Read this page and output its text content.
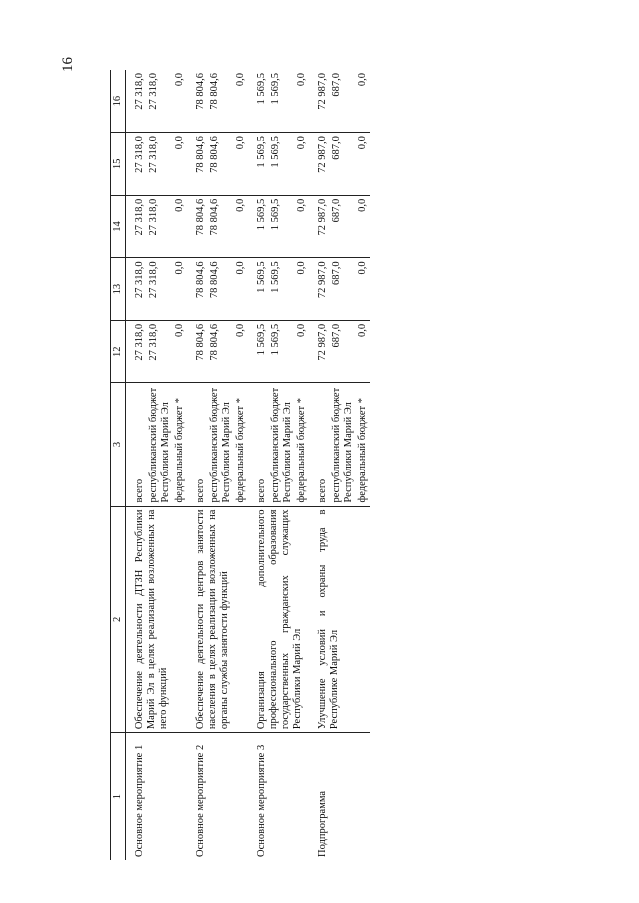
16
1	2	3	12	13	14	15	16
Основное мероприятие 1	Обеспечение деятельности ДТЗН Республики Марий Эл в целях реализации возложенных на него функций	всего	27 318,0	27 318,0	27 318,0	27 318,0	27 318,0
		республиканский бюджет Республики Марий Эл	27 318,0	27 318,0	27 318,0	27 318,0	27 318,0
		федеральный бюджет *	0,0	0,0	0,0	0,0	0,0
Основное мероприятие 2	Обеспечение деятельности центров занятости населения в целях реализации возложенных на органы службы занятости функций	всего	78 804,6	78 804,6	78 804,6	78 804,6	78 804,6
		республиканский бюджет Республики Марий Эл	78 804,6	78 804,6	78 804,6	78 804,6	78 804,6
		федеральный бюджет *	0,0	0,0	0,0	0,0	0,0
Основное мероприятие 3	Организация дополнительного профессионального образования государственных гражданских служащих Республики Марий Эл	всего	1 569,5	1 569,5	1 569,5	1 569,5	1 569,5
		республиканский бюджет Республики Марий Эл	1 569,5	1 569,5	1 569,5	1 569,5	1 569,5
		федеральный бюджет *	0,0	0,0	0,0	0,0	0,0
Подпрограмма	Улучшение условий и охраны труда в Республике Марий Эл	всего	72 987,0	72 987,0	72 987,0	72 987,0	72 987,0
		республиканский бюджет Республики Марий Эл	687,0	687,0	687,0	687,0	687,0
		федеральный бюджет *	0,0	0,0	0,0	0,0	0,0
